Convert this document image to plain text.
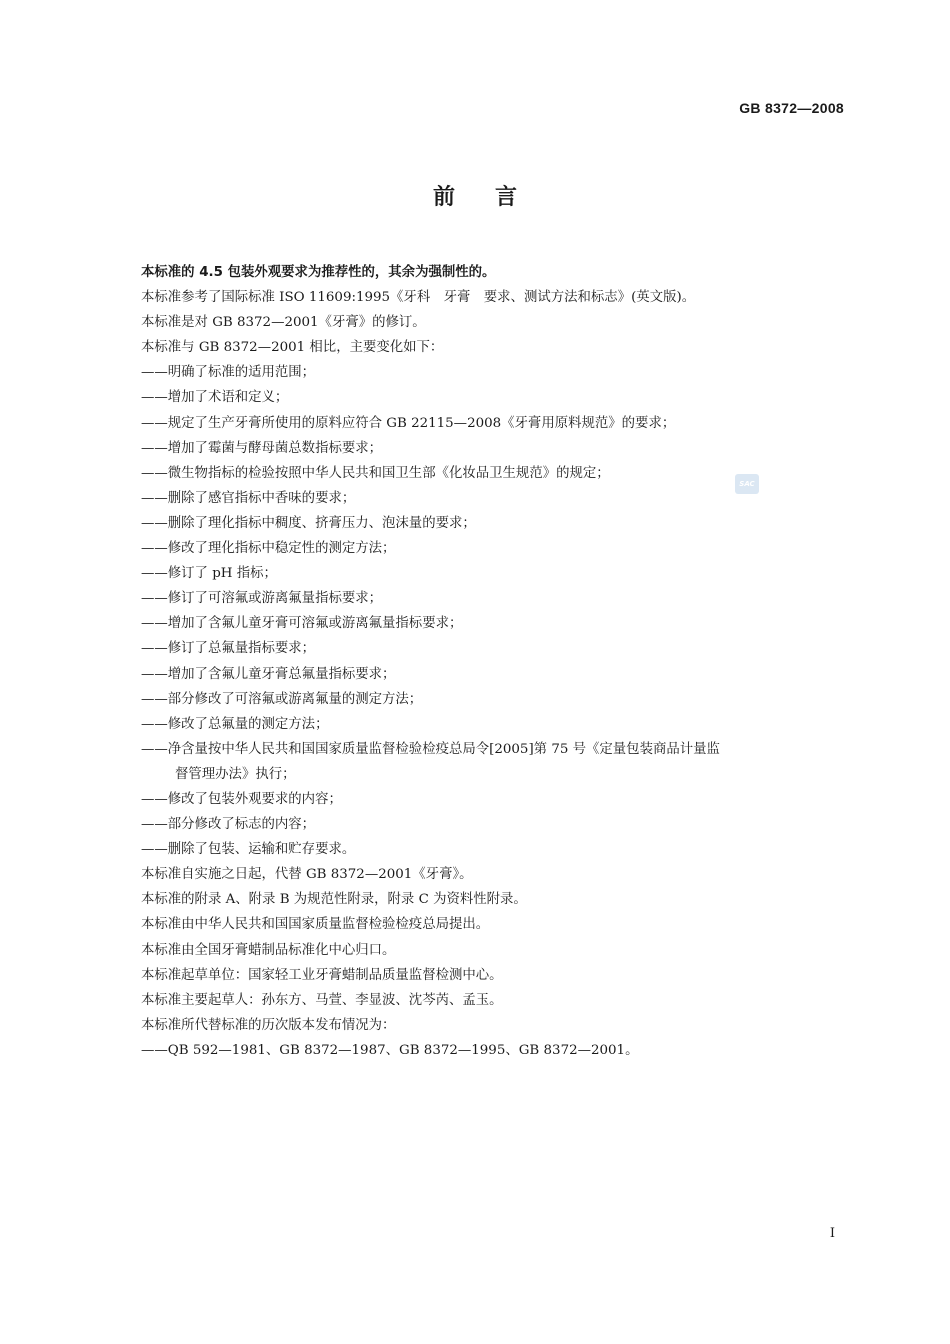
GB 8372—2008
前言
本标准的 4.5 包装外观要求为推荐性的，其余为强制性的。
本标准参考了国际标准 ISO 11609:1995《牙科　牙膏　要求、测试方法和标志》(英文版)。
本标准是对 GB 8372—2001《牙膏》的修订。
本标准与 GB 8372—2001 相比，主要变化如下：
——明确了标准的适用范围；
——增加了术语和定义；
——规定了生产牙膏所使用的原料应符合 GB 22115—2008《牙膏用原料规范》的要求；
——增加了霉菌与酵母菌总数指标要求；
——微生物指标的检验按照中华人民共和国卫生部《化妆品卫生规范》的规定；
——删除了感官指标中香味的要求；
——删除了理化指标中稠度、挤膏压力、泡沫量的要求；
——修改了理化指标中稳定性的测定方法；
——修订了 pH 指标；
——修订了可溶氟或游离氟量指标要求；
——增加了含氟儿童牙膏可溶氟或游离氟量指标要求；
——修订了总氟量指标要求；
——增加了含氟儿童牙膏总氟量指标要求；
——部分修改了可溶氟或游离氟量的测定方法；
——修改了总氟量的测定方法；
——净含量按中华人民共和国国家质量监督检验检疫总局令[2005]第 75 号《定量包装商品计量监
督管理办法》执行；
——修改了包装外观要求的内容；
——部分修改了标志的内容；
——删除了包装、运输和贮存要求。
本标准自实施之日起，代替 GB 8372—2001《牙膏》。
本标准的附录 A、附录 B 为规范性附录，附录 C 为资料性附录。
本标准由中华人民共和国国家质量监督检验检疫总局提出。
本标准由全国牙膏蜡制品标准化中心归口。
本标准起草单位：国家轻工业牙膏蜡制品质量监督检测中心。
本标准主要起草人：孙东方、马萱、李显波、沈芩芮、孟玉。
本标准所代替标准的历次版本发布情况为：
——QB 592—1981、GB 8372—1987、GB 8372—1995、GB 8372—2001。
SAC
I
